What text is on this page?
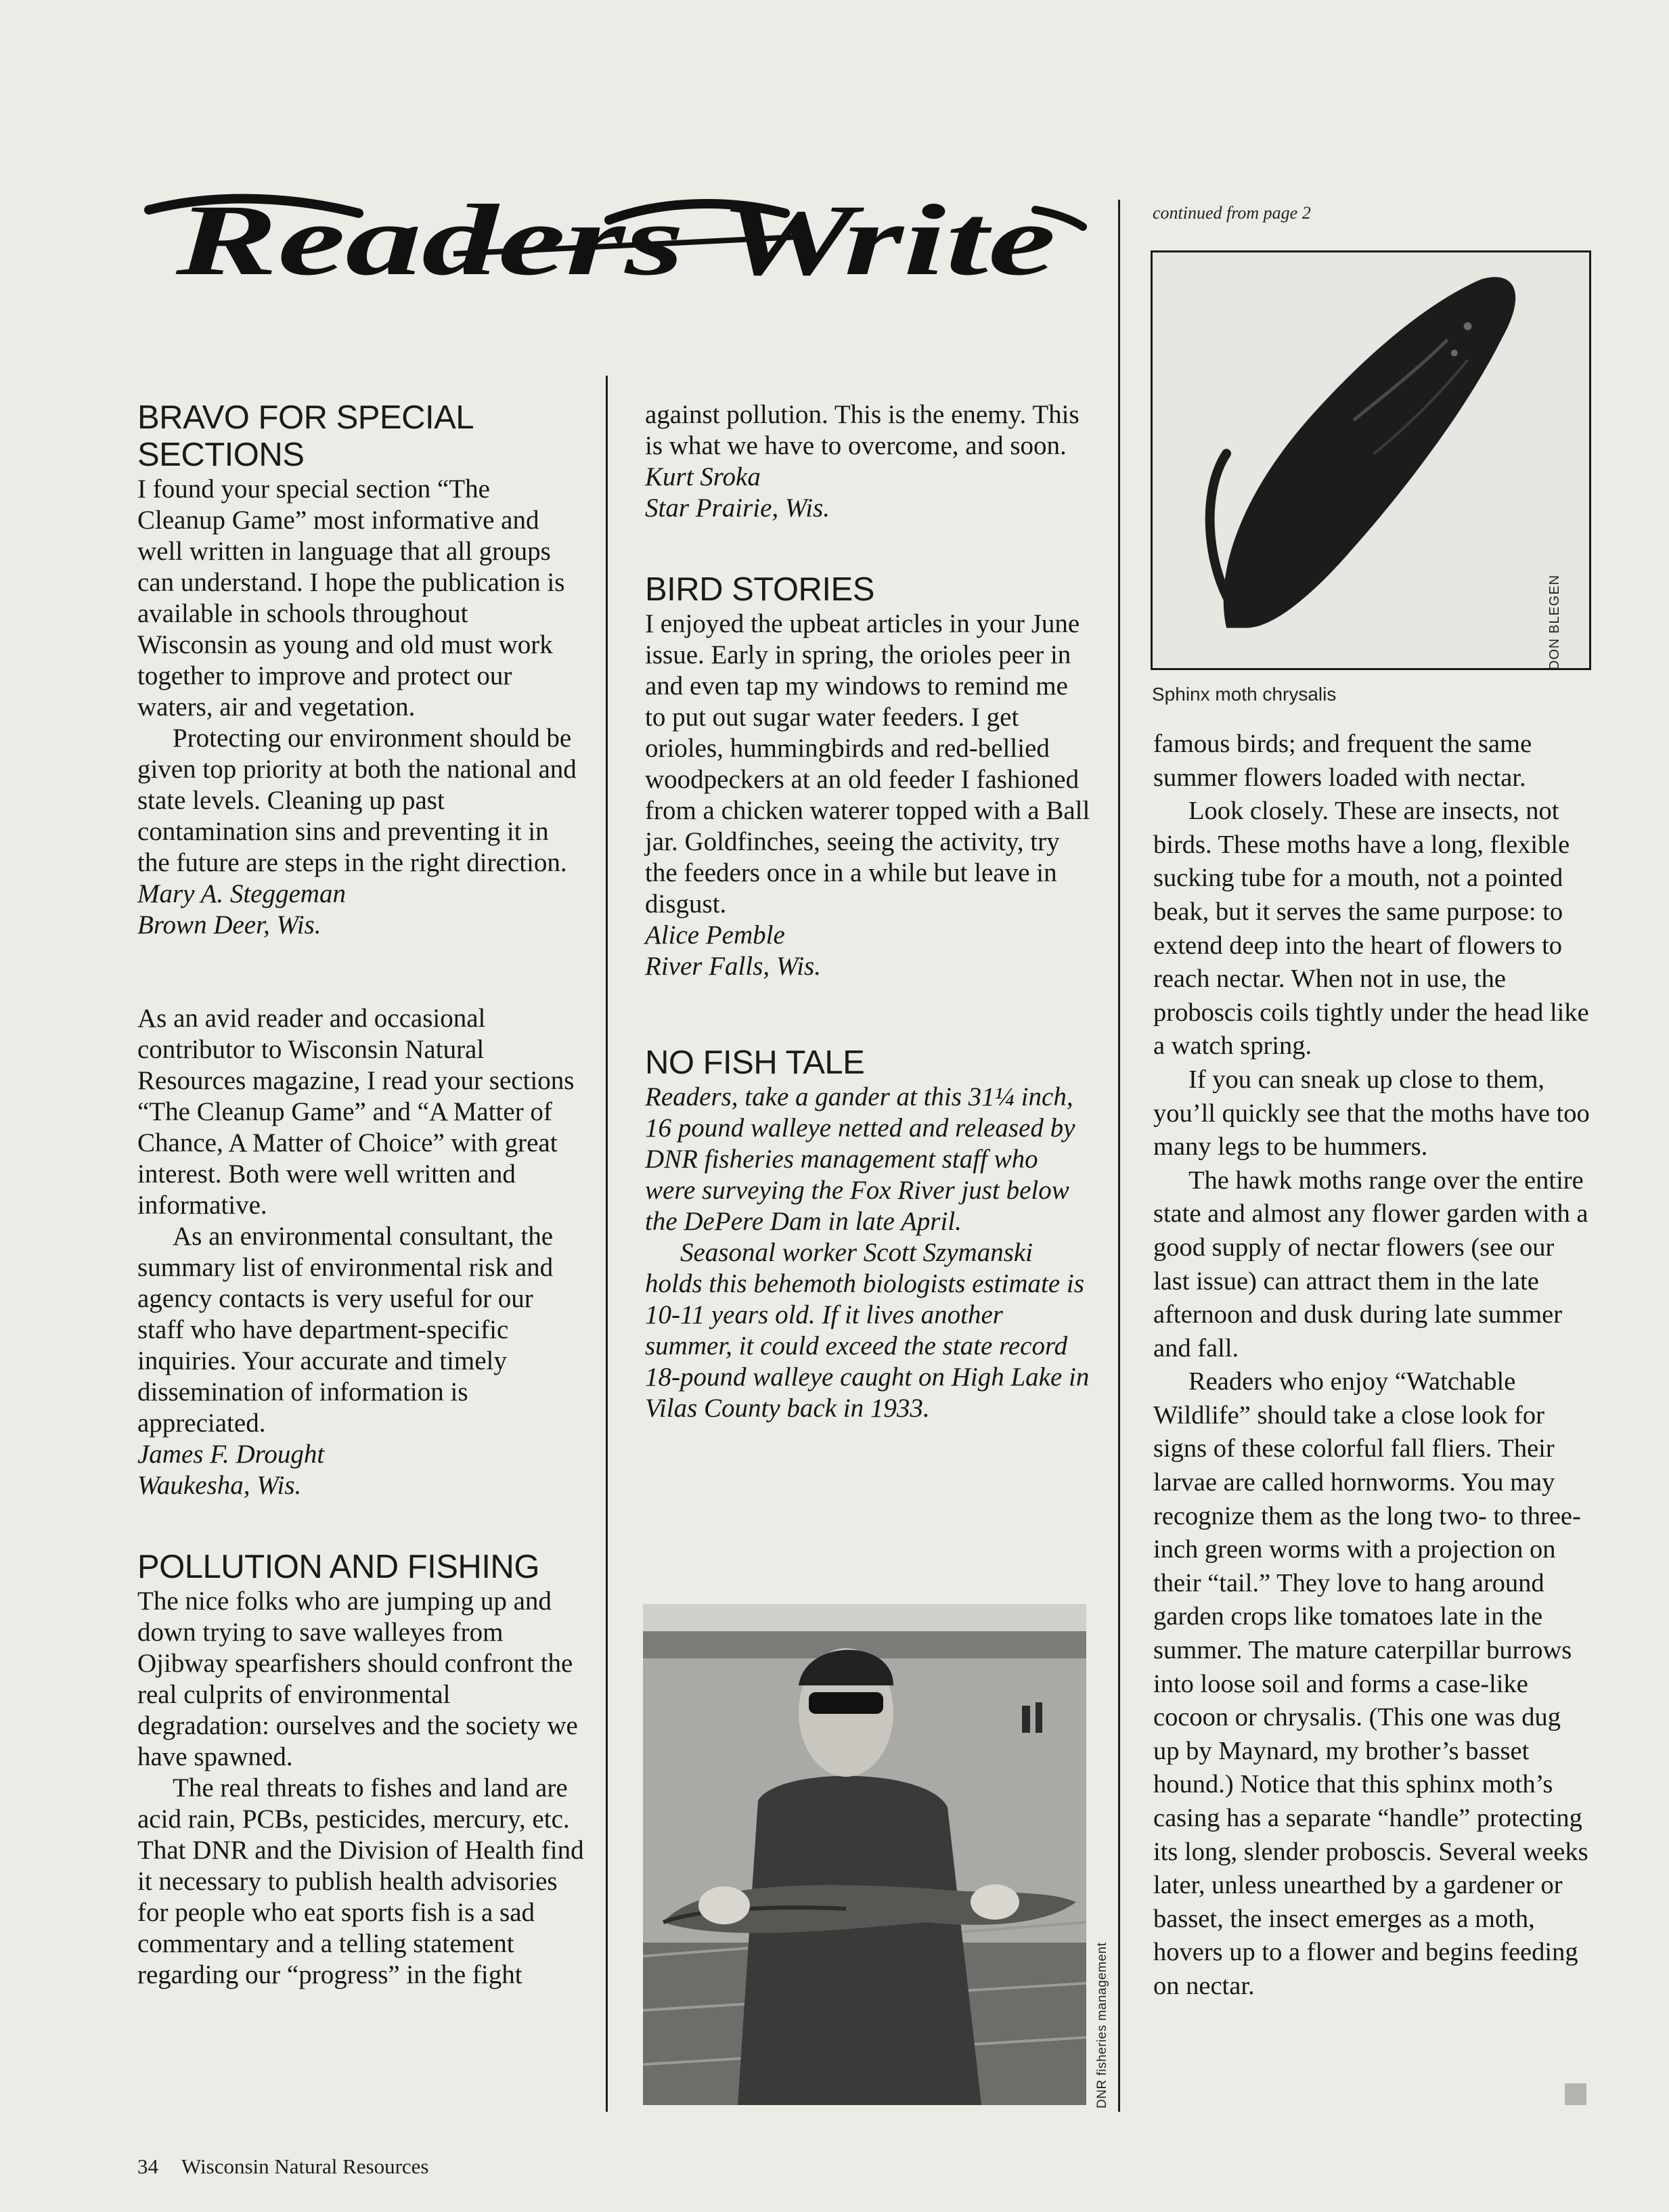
Readers Write
BRAVO FOR SPECIAL SECTIONS

I found your special section “The Cleanup Game” most informative and well written in language that all groups can understand. I hope the publication is available in schools throughout Wisconsin as young and old must work together to improve and protect our waters, air and vegetation.

Protecting our environment should be given top priority at both the national and state levels. Cleaning up past contamination sins and preventing it in the future are steps in the right direction.

Mary A. Steggeman

Brown Deer, Wis.

As an avid reader and occasional contributor to Wisconsin Natural Resources magazine, I read your sections “The Cleanup Game” and “A Matter of Chance, A Matter of Choice” with great interest. Both were well written and informative.

As an environmental consultant, the summary list of environmental risk and agency contacts is very useful for our staff who have department-specific inquiries. Your accurate and timely dissemination of information is appreciated.

James F. Drought

Waukesha, Wis.

POLLUTION AND FISHING

The nice folks who are jumping up and down trying to save walleyes from Ojibway spearfishers should confront the real culprits of environmental degradation: ourselves and the society we have spawned.

The real threats to fishes and land are acid rain, PCBs, pesticides, mercury, etc. That DNR and the Division of Health find it necessary to publish health advisories for people who eat sports fish is a sad commentary and a telling statement regarding our “progress” in the fight

against pollution. This is the enemy. This is what we have to overcome, and soon.

Kurt Sroka

Star Prairie, Wis.

BIRD STORIES

I enjoyed the upbeat articles in your June issue. Early in spring, the orioles peer in and even tap my windows to remind me to put out sugar water feeders. I get orioles, hummingbirds and red-bellied woodpeckers at an old feeder I fashioned from a chicken waterer topped with a Ball jar. Goldfinches, seeing the activity, try the feeders once in a while but leave in disgust.

Alice Pemble

River Falls, Wis.

NO FISH TALE

Readers, take a gander at this 31¼ inch, 16 pound walleye netted and released by DNR fisheries management staff who were surveying the Fox River just below the DePere Dam in late April.

Seasonal worker Scott Szymanski holds this behemoth biologists estimate is 10-11 years old. If it lives another summer, it could exceed the state record 18-pound walleye caught on High Lake in Vilas County back in 1933.

DNR fisheries management
continued from page 2
DON BLEGEN
Sphinx moth chrysalis

famous birds; and frequent the same summer flowers loaded with nectar.

Look closely. These are insects, not birds. These moths have a long, flexible sucking tube for a mouth, not a pointed beak, but it serves the same purpose: to extend deep into the heart of flowers to reach nectar. When not in use, the proboscis coils tightly under the head like a watch spring.

If you can sneak up close to them, you’ll quickly see that the moths have too many legs to be hummers.

The hawk moths range over the entire state and almost any flower garden with a good supply of nectar flowers (see our last issue) can attract them in the late afternoon and dusk during late summer and fall.

Readers who enjoy “Watchable Wildlife” should take a close look for signs of these colorful fall fliers. Their larvae are called hornworms. You may recognize them as the long two- to three-inch green worms with a projection on their “tail.” They love to hang around garden crops like tomatoes late in the summer. The mature caterpillar burrows into loose soil and forms a case-like cocoon or chrysalis. (This one was dug up by Maynard, my brother’s basset hound.) Notice that this sphinx moth’s casing has a separate “handle” protecting its long, slender proboscis. Several weeks later, unless unearthed by a gardener or basset, the insect emerges as a moth, hovers up to a flower and begins feeding on nectar.

34 Wisconsin Natural Resources
